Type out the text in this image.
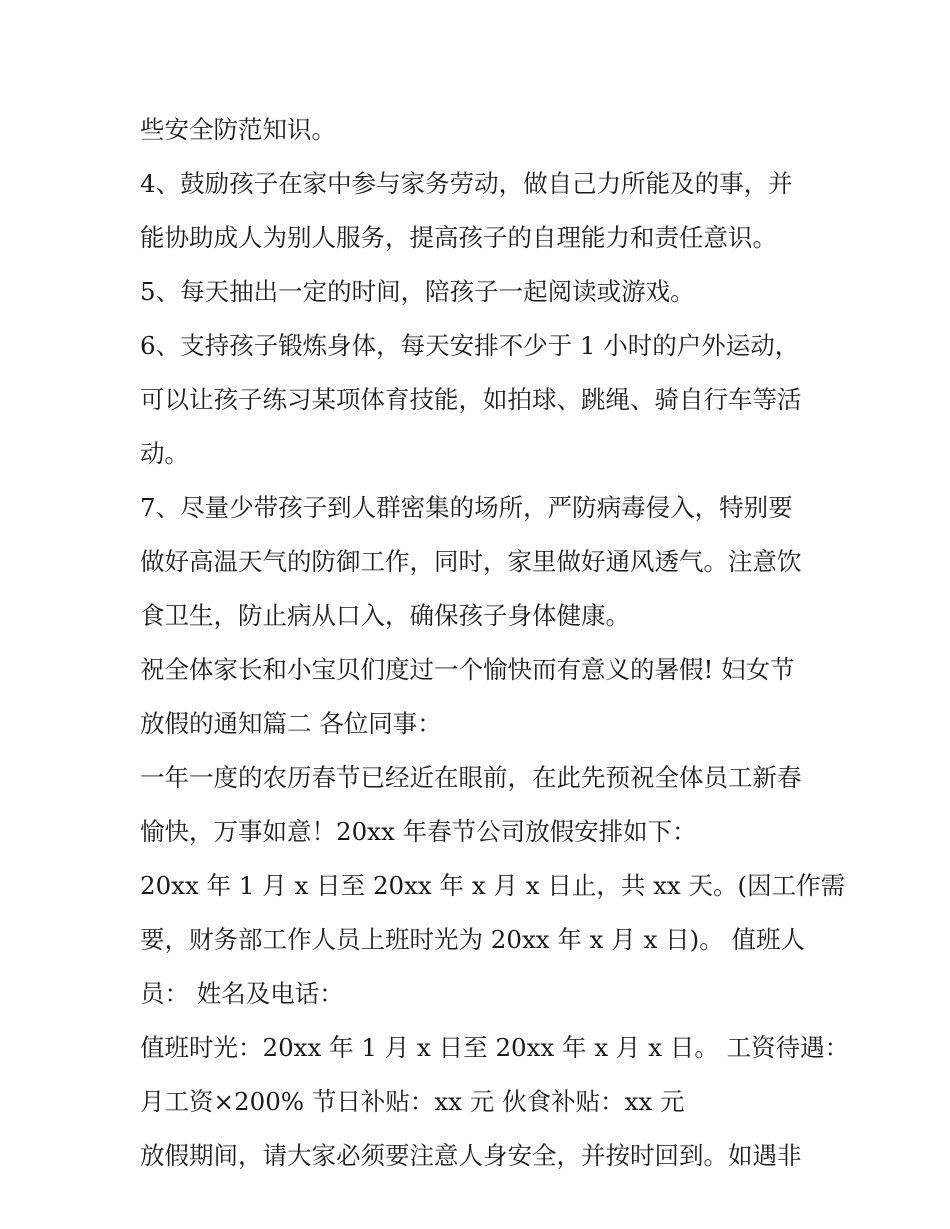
些安全防范知识。
4、鼓励孩子在家中参与家务劳动，做自己力所能及的事，并
能协助成人为别人服务，提高孩子的自理能力和责任意识。
5、每天抽出一定的时间，陪孩子一起阅读或游戏。
6、支持孩子锻炼身体，每天安排不少于 1 小时的户外运动，
可以让孩子练习某项体育技能，如拍球、跳绳、骑自行车等活
动。
7、尽量少带孩子到人群密集的场所，严防病毒侵入，特别要
做好高温天气的防御工作，同时，家里做好通风透气。注意饮
食卫生，防止病从口入，确保孩子身体健康。
祝全体家长和小宝贝们度过一个愉快而有意义的暑假! 妇女节
放假的通知篇二 各位同事：
一年一度的农历春节已经近在眼前，在此先预祝全体员工新春
愉快，万事如意！20xx 年春节公司放假安排如下：
20xx 年 1 月 x 日至 20xx 年 x 月 x 日止，共 xx 天。(因工作需
要，财务部工作人员上班时光为 20xx 年 x 月 x 日)。 值班人
员： 姓名及电话：
值班时光：20xx 年 1 月 x 日至 20xx 年 x 月 x 日。 工资待遇：
月工资×200% 节日补贴：xx 元 伙食补贴：xx 元
放假期间，请大家必须要注意人身安全，并按时回到。如遇非
